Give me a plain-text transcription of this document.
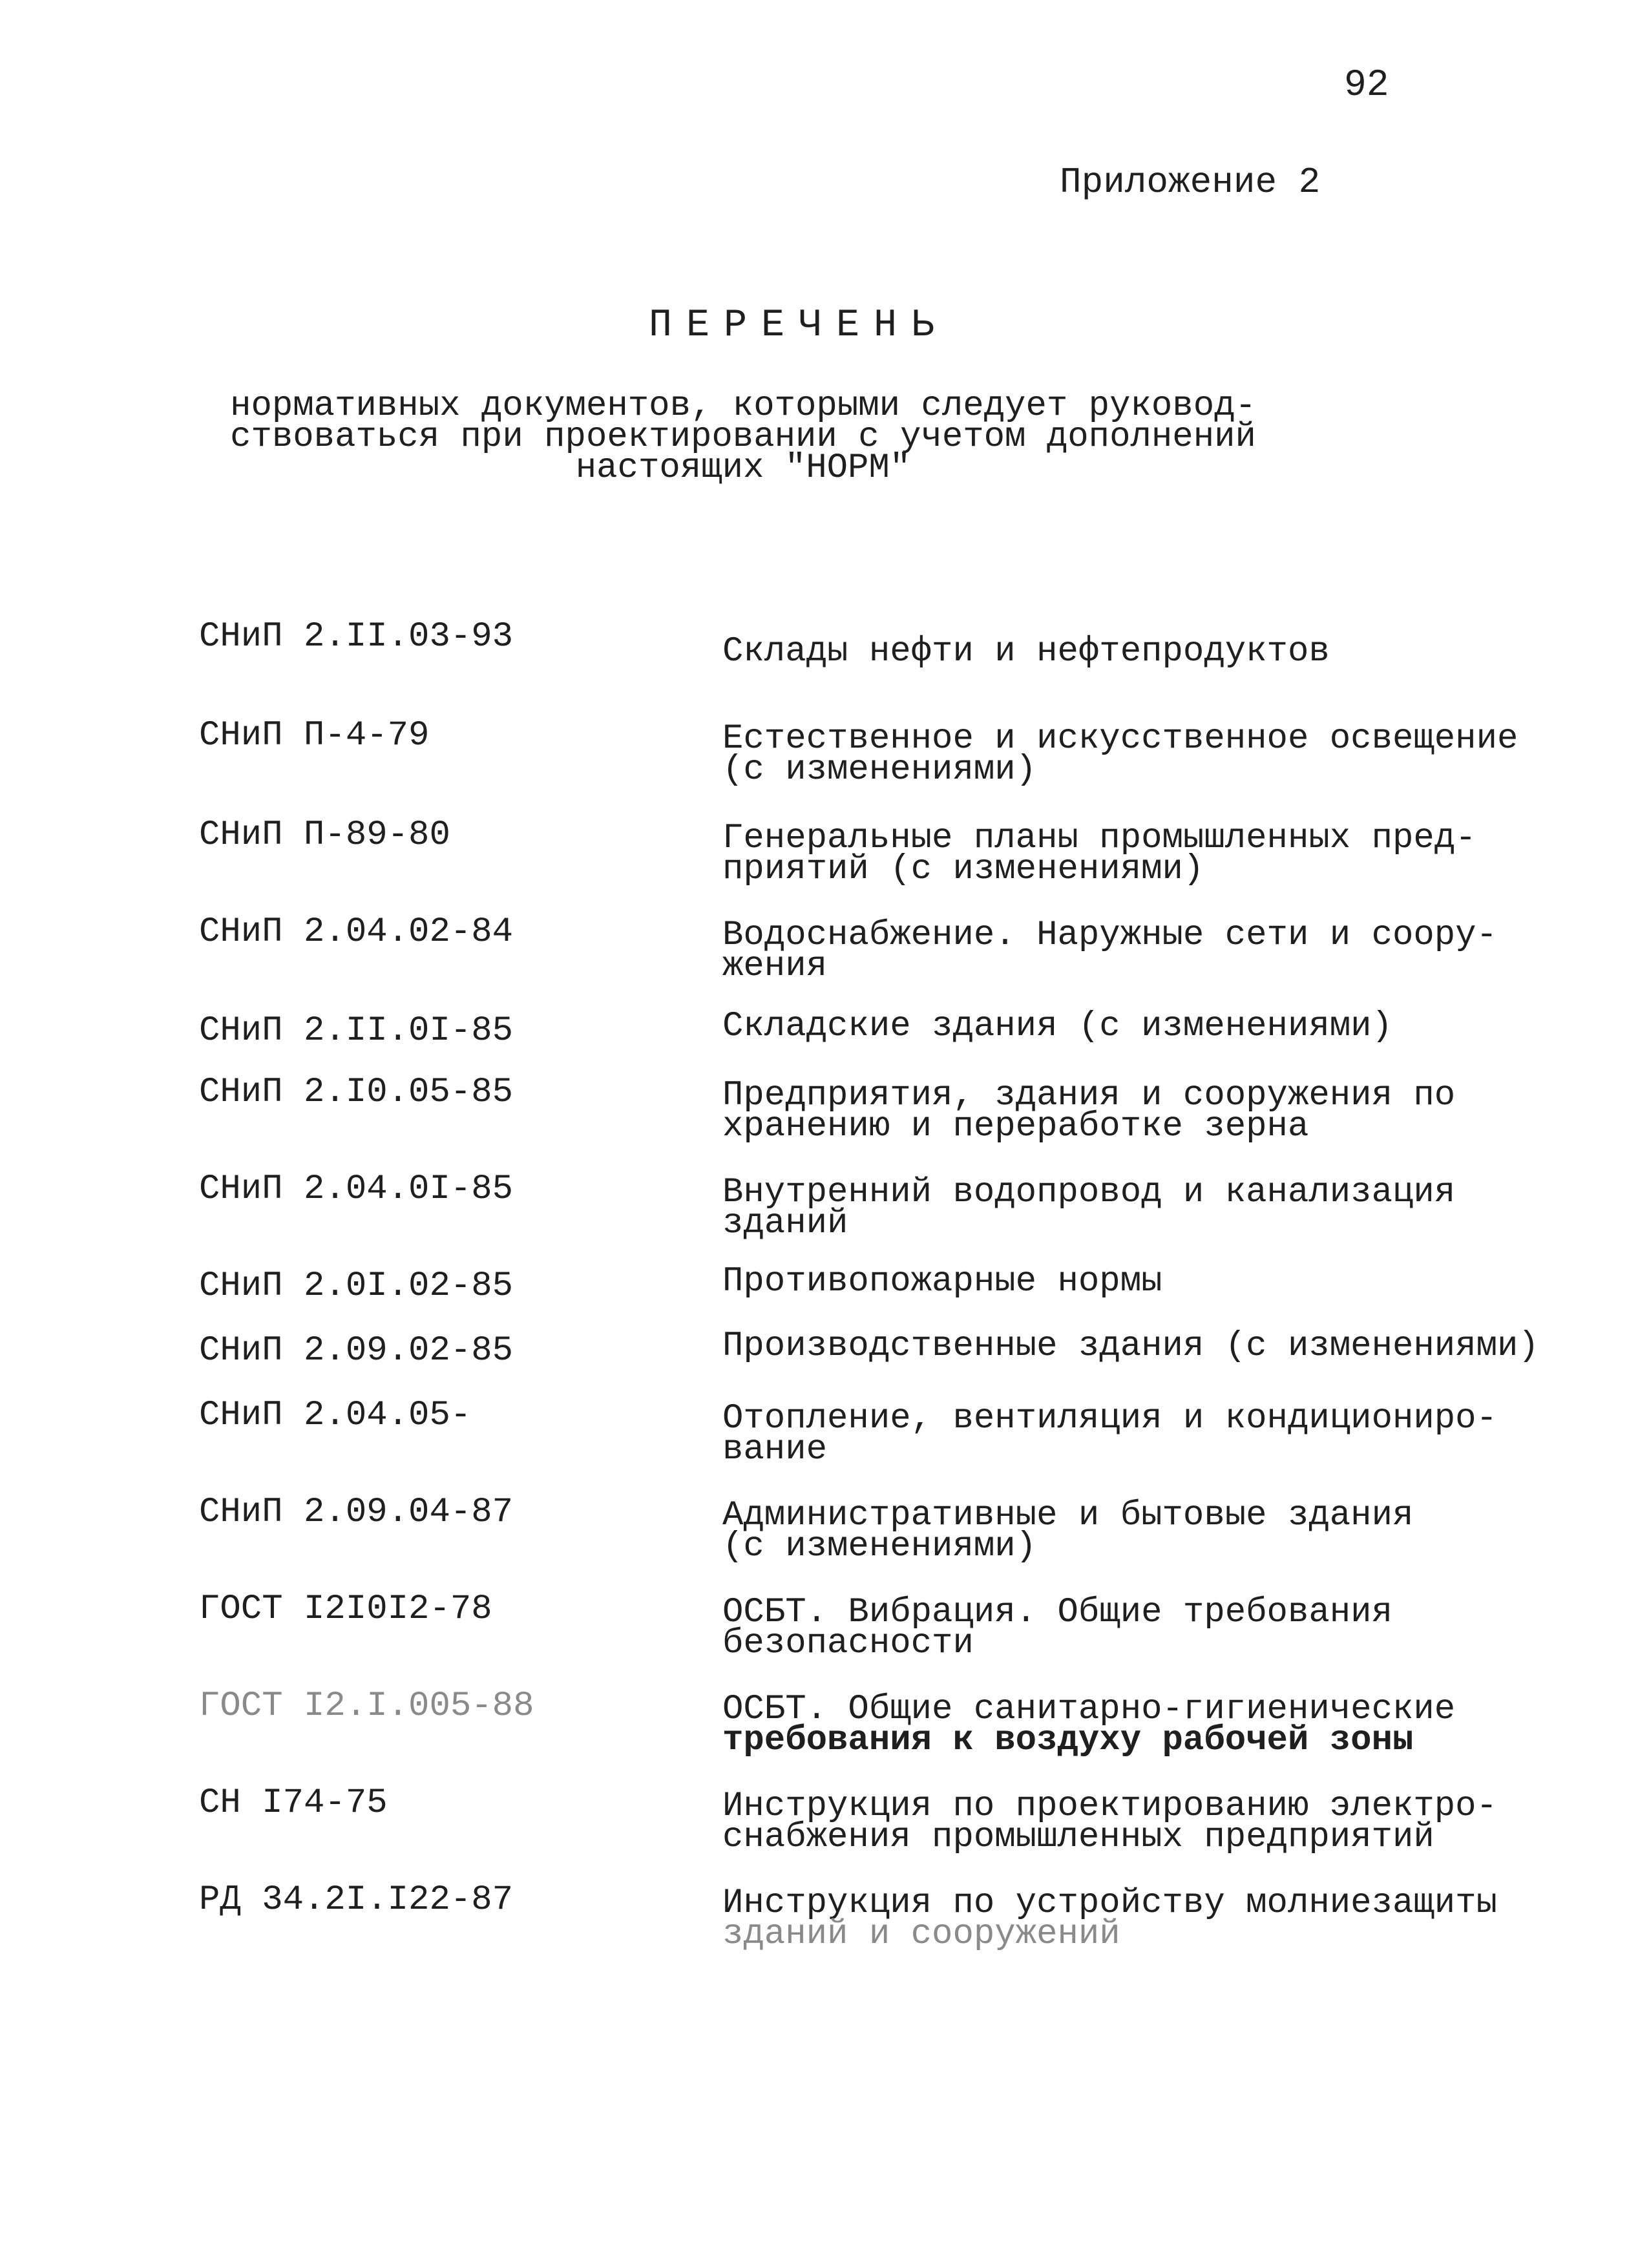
92
Приложение 2
ПЕРЕЧЕНЬ
нормативных документов, которыми следует руковод-
ствоваться при проектировании с учетом дополнений
настоящих "НОРМ"
СНиП 2.II.03-93	Склады нефти и нефтепродуктов
СНиП П-4-79	Естественное и искусственное освещение
(с изменениями)
СНиП П-89-80	Генеральные планы промышленных пред-
приятий (с изменениями)
СНиП 2.04.02-84	Водоснабжение. Наружные сети и соору-
жения
СНиП 2.II.0I-85	Складские здания (с изменениями)
СНиП 2.I0.05-85	Предприятия, здания и сооружения по
хранению и переработке зерна
СНиП 2.04.0I-85	Внутренний водопровод и канализация
зданий
СНиП 2.0I.02-85	Противопожарные нормы
СНиП 2.09.02-85	Производственные здания (с изменениями)
СНиП 2.04.05-	Отопление, вентиляция и кондициониро-
вание
СНиП 2.09.04-87	Административные и бытовые здания
(с изменениями)
ГОСТ I2I0I2-78	ОСБТ. Вибрация. Общие требования
безопасности
ГОСТ I2.I.005-88	ОСБТ. Общие санитарно-гигиенические
требования к воздуху рабочей зоны
СН I74-75	Инструкция по проектированию электро-
снабжения промышленных предприятий
РД 34.2I.I22-87	Инструкция по устройству молниезащиты
зданий и сооружений
